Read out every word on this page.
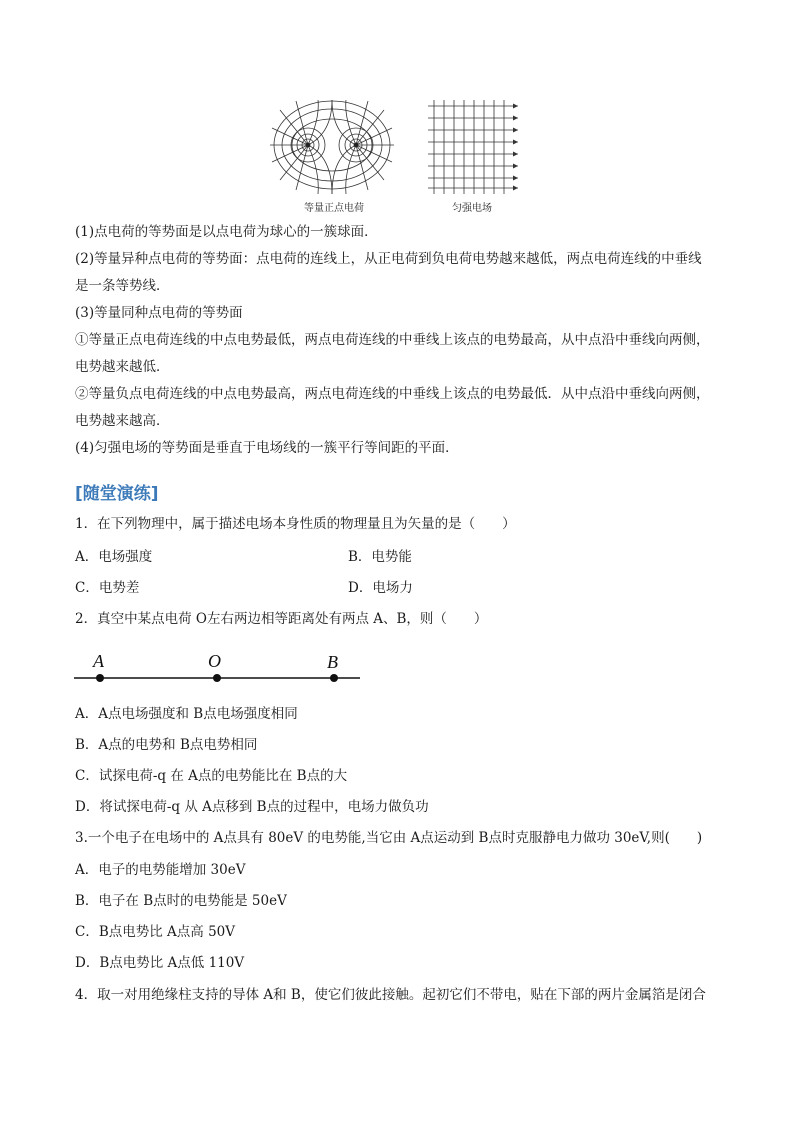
等量正点电荷	匀强电场
(1)点电荷的等势面是以点电荷为球心的一簇球面．
(2)等量异种点电荷的等势面：点电荷的连线上，从正电荷到负电荷电势越来越低，两点电荷连线的中垂线
是一条等势线．
(3)等量同种点电荷的等势面
①等量正点电荷连线的中点电势最低，两点电荷连线的中垂线上该点的电势最高，从中点沿中垂线向两侧，
电势越来越低．
②等量负点电荷连线的中点电势最高，两点电荷连线的中垂线上该点的电势最低．从中点沿中垂线向两侧，
电势越来越高．
(4)匀强电场的等势面是垂直于电场线的一簇平行等间距的平面．
[随堂演练]
1．在下列物理中，属于描述电场本身性质的物理量且为矢量的是（　　）
A．电场强度	B．电势能
C．电势差	D．电场力
2．真空中某点电荷 O左右两边相等距离处有两点 A、B，则（　　）
A	O	B
A．A点电场强度和 B点电场强度相同
B．A点的电势和 B点电势相同
C．试探电荷-q 在 A点的电势能比在 B点的大
D．将试探电荷-q 从 A点移到 B点的过程中，电场力做负功
3.一个电子在电场中的 A点具有 80eV 的电势能,当它由 A点运动到 B点时克服静电力做功 30eV,则(　　)
A．电子的电势能增加 30eV
B．电子在 B点时的电势能是 50eV
C．B点电势比 A点高 50V
D．B点电势比 A点低 110V
4．取一对用绝缘柱支持的导体 A和 B，使它们彼此接触。起初它们不带电，贴在下部的两片金属箔是闭合
